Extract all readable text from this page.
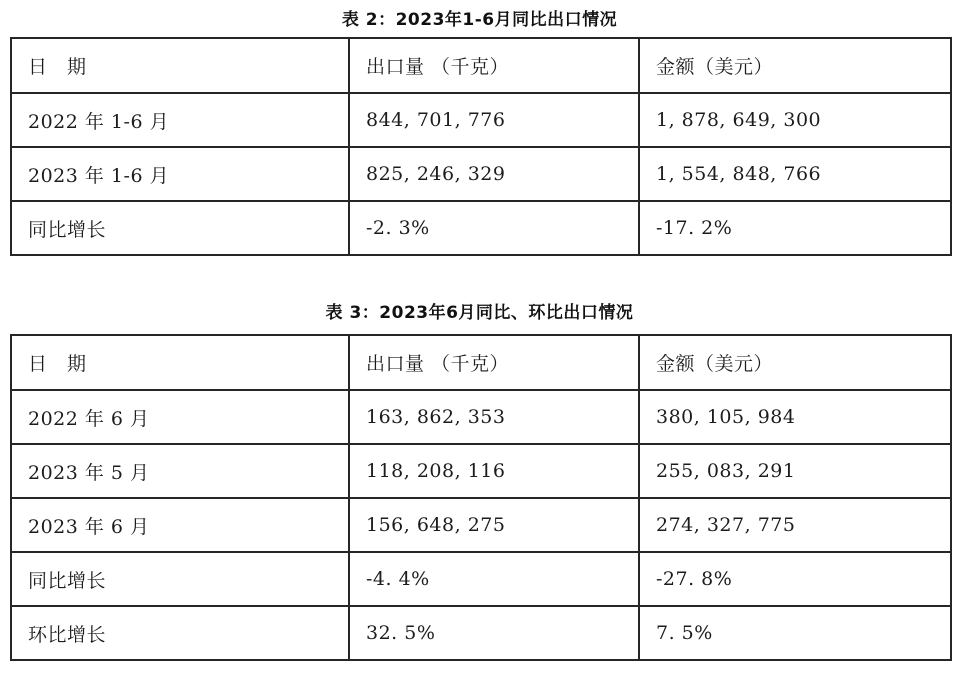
表 2：2023年1-6月同比出口情况
日　期	出口量 （千克）	金额（美元）
2022 年 1-6 月	844, 701, 776	1, 878, 649, 300
2023 年 1-6 月	825, 246, 329	1, 554, 848, 766
同比增长	-2. 3%	-17. 2%
表 3：2023年6月同比、环比出口情况
日　期	出口量 （千克）	金额（美元）
2022 年 6 月	163, 862, 353	380, 105, 984
2023 年 5 月	118, 208, 116	255, 083, 291
2023 年 6 月	156, 648, 275	274, 327, 775
同比增长	-4. 4%	-27. 8%
环比增长	32. 5%	7. 5%
